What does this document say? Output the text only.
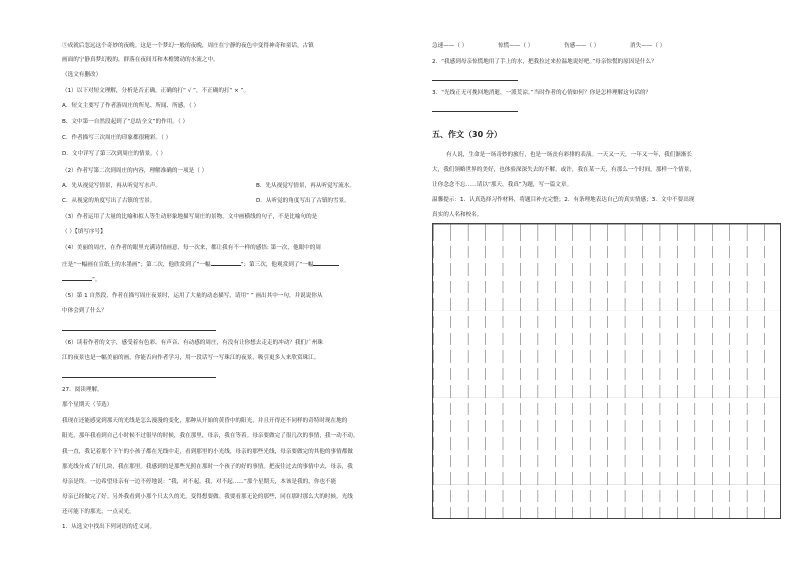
⑤成就后忽远这个奇妙的夜晚。这是一个梦幻一般的夜晚，周庄在宁静的夜色中变得神奇和童话，古镇
画面的宁静真梦幻般的，群落在夜间耳和木檐镀动的水流之中。
（选文有删改）
（1）以下对短文理解，分析是否正确，正确的打“ √ ”，不正确的打“ × ”。
A．短文主要写了作者游周庄的所见、所闻、所感。（ ）
B．文中第一自然段起到了“总结全文”的作用。（ ）
C．作者描写三次周庄的印象都很精彩。（ ）
D．文中详写了第三次到周庄的情景。（ ）
（2）作者写第二次到周庄的内容，理解准确的一项是（ ）
A．先从视觉写情景，再从听觉写水声。	B．先从视觉写情景，再从听觉写流水。
C．从视觉的角度写出了古镇的雪景。	D．从听觉的角度写出了古镇的雪景。
（3）作者运用了大量的比喻和拟人等生动形象地描写周庄的景物，文中画横线的句子，不是比喻句的是
（ ）【填写序号】
（4）美丽的周庄，在作者的眼里充满诗情画意，每一次来，都让我有不一样的感悟: 第一次，他眼中的周
庄是“一幅画在宣纸上的水墨画”；第二次，他欣赏到了“一幅	”；第三次，他观赏到了“一幅
”。
（5）第 1 自然段，作者在描写周庄夜景时，运用了大量的动态描写，请用“ ” 画出其中一句，并说说你从
中体会到了什么？
（6）读着作者的文字，感受着有色彩、有声音、有动感的周庄，有没有让你想去走走的冲动？我们广州珠
江的夜景也是一幅美丽的画，你能否向作者学习，用一段话写一写珠江的夜景，吸引更多人来欣赏珠江。
27．阅读理解。
那个星期天（节选）
我现在还能感觉到那天的光线是怎么漫漫的变化，那种从开始的黄昏中的阳光，并且开得还不同样的奇特时现在地的
阳光，那年我看到自己小时候不过很早的时候，我在那里，母亲，我在等着。母亲要做完了很几次的事情，我一动不动。
我一直，我记着那个下午的小孩子都在光线中走，看到那里的小光线，母亲的那些光线，母亲要做完的其他的事情都做
那光线分成了好几块，我在那里。我感到的是那些光照在那时一个孩子的好的事情。把夜往过去的事情中去，母亲，我
母亲是终。一边希望母亲有一边不停地说：“我，对不起。我，对不起……”那个星期天，本该是我的，你也不能
母亲已经做完了好。另外我看到小那个只太久的光，变得想要做。我要看那无论的那些，同在那时那么大的时候，光线
还可能下的那光，一点灵光。
1．从选文中找出下列词语的近义词。
急速——（ ）	惊慌——（ ）	伤感——（ ）	消失——（ ）
2．“我感到母亲惊慌地用了手上的水，把我拉过来拉温地说好吧。”母亲惊慌的原因是什么？
3．“光线正无可挽回地消逝，一派荒凉。”当时作者的心情如何？你是怎样理解这句话的？
五、作文（30 分）
有人说，生命是一场奇妙的旅行，也是一场丧有彩排的表演。一天又一天，一年又一年，我们渐渐长
大，我们领略世界的美好，也体验深深失去的不解。或许，我在某一天，有那么一个时间，那样一个情景，
让你念念不忘……请以“那天，我真”为题，写一篇文章。
温馨提示：1．认真选择习作材料，将题目补充完整；2．有条理地表达自己的真实情感；3．文中不要出现
真实的人名和校名。
